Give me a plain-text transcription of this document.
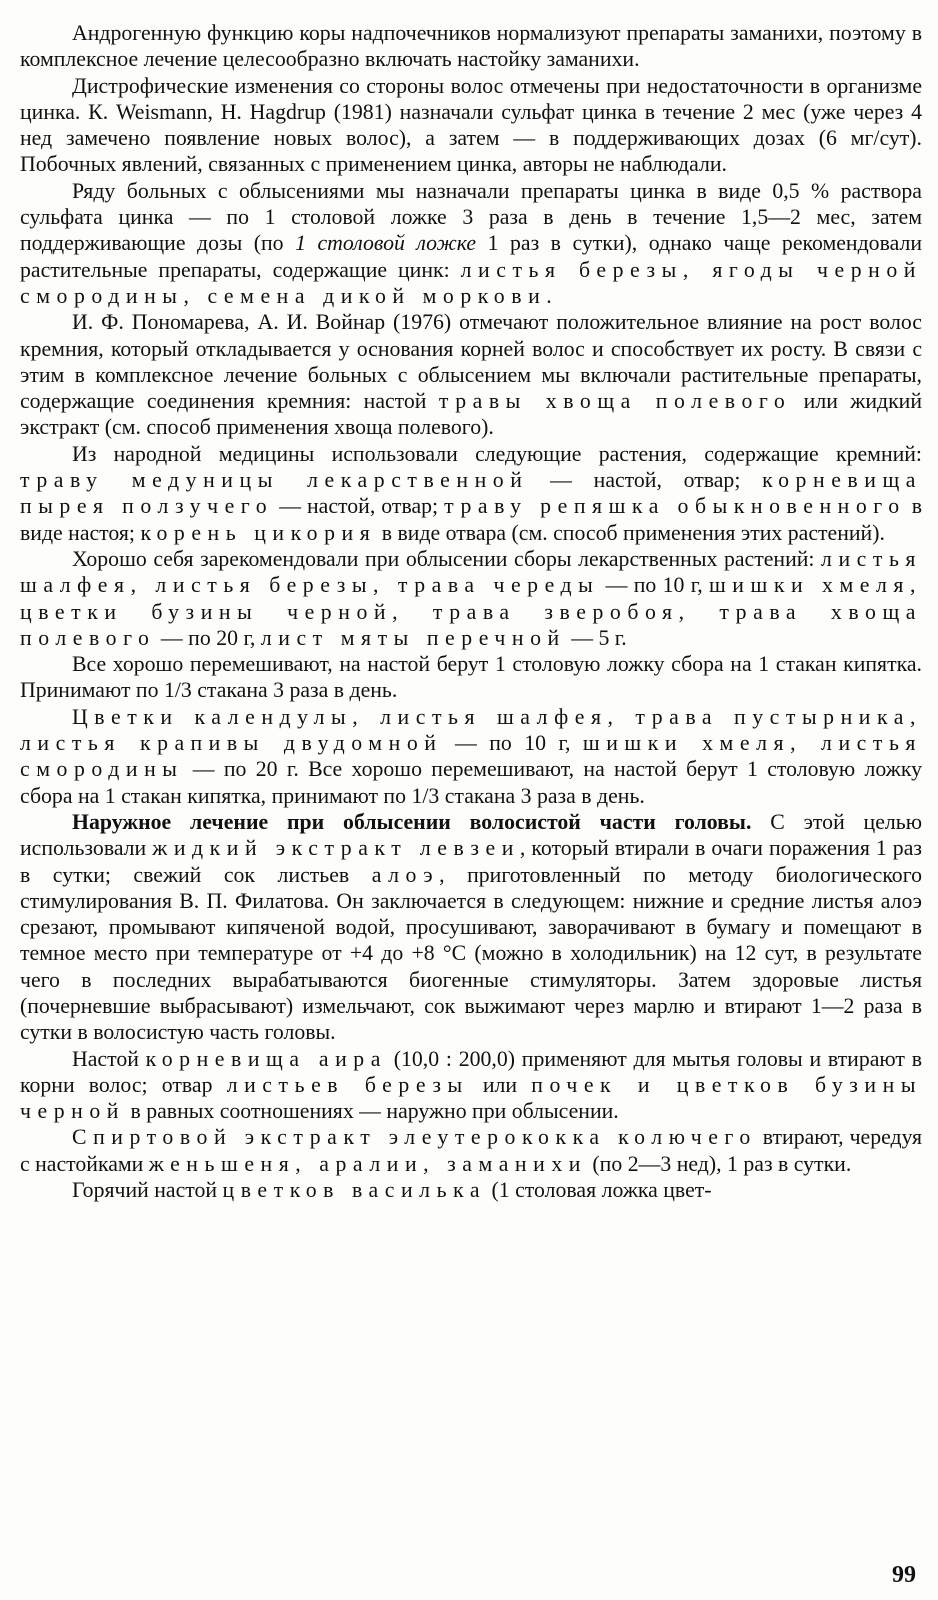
Андрогенную функцию коры надпочечников нормализуют препараты заманихи, поэтому в комплексное лечение целесообразно включать настойку заманихи.

Дистрофические изменения со стороны волос отмечены при недостаточности в организме цинка. К. Weismann, Н. Hagdrup (1981) назначали сульфат цинка в течение 2 мес (уже через 4 нед замечено появление новых волос), а затем — в поддерживающих дозах (6 мг/сут). Побочных явлений, связанных с применением цинка, авторы не наблюдали.

Ряду больных с облысениями мы назначали препараты цинка в виде 0,5 % раствора сульфата цинка — по 1 столовой ложке 3 раза в день в течение 1,5—2 мес, затем поддерживающие дозы (по 1 столовой ложке 1 раз в сутки), однако чаще рекомендовали растительные препараты, содержащие цинк: листья березы, ягоды черной смородины, семена дикой моркови.

И. Ф. Пономарева, А. И. Войнар (1976) отмечают положительное влияние на рост волос кремния, который откладывается у основания корней волос и способствует их росту. В связи с этим в комплексное лечение больных с облысением мы включали растительные препараты, содержащие соединения кремния: настой травы хвоща полевого или жидкий экстракт (см. способ применения хвоща полевого).

Из народной медицины использовали следующие растения, содержащие кремний: траву медуницы лекарственной — настой, отвар; корневища пырея ползучего — настой, отвар; траву репяшка обыкновенного в виде настоя; корень цикория в виде отвара (см. способ применения этих растений).

Хорошо себя зарекомендовали при облысении сборы лекарственных растений: листья шалфея, листья березы, трава череды — по 10 г, шишки хмеля, цветки бузины черной, трава зверобоя, трава хвоща полевого — по 20 г, лист мяты перечной — 5 г.

Все хорошо перемешивают, на настой берут 1 столовую ложку сбора на 1 стакан кипятка. Принимают по 1/3 стакана 3 раза в день.

Цветки календулы, листья шалфея, трава пустырника, листья крапивы двудомной — по 10 г, шишки хмеля, листья смородины — по 20 г. Все хорошо перемешивают, на настой берут 1 столовую ложку сбора на 1 стакан кипятка, принимают по 1/3 стакана 3 раза в день.

Наружное лечение при облысении волосистой части головы. С этой целью использовали жидкий экстракт левзеи, который втирали в очаги поражения 1 раз в сутки; свежий сок листьев алоэ, приготовленный по методу биологического стимулирования В. П. Филатова. Он заключается в следующем: нижние и средние листья алоэ срезают, промывают кипяченой водой, просушивают, заворачивают в бумагу и помещают в темное место при температуре от +4 до +8 °С (можно в холодильник) на 12 сут, в результате чего в последних вырабатываются биогенные стимуляторы. Затем здоровые листья (почерневшие выбрасывают) измельчают, сок выжимают через марлю и втирают 1—2 раза в сутки в волосистую часть головы.

Настой корневища аира (10,0 : 200,0) применяют для мытья головы и втирают в корни волос; отвар листьев березы или почек и цветков бузины черной в равных соотношениях — наружно при облысении.

Спиртовой экстракт элеутерококка колючего втирают, чередуя с настойками женьшеня, аралии, заманихи (по 2—3 нед), 1 раз в сутки.

Горячий настой цветков василька (1 столовая ложка цвет-

99
